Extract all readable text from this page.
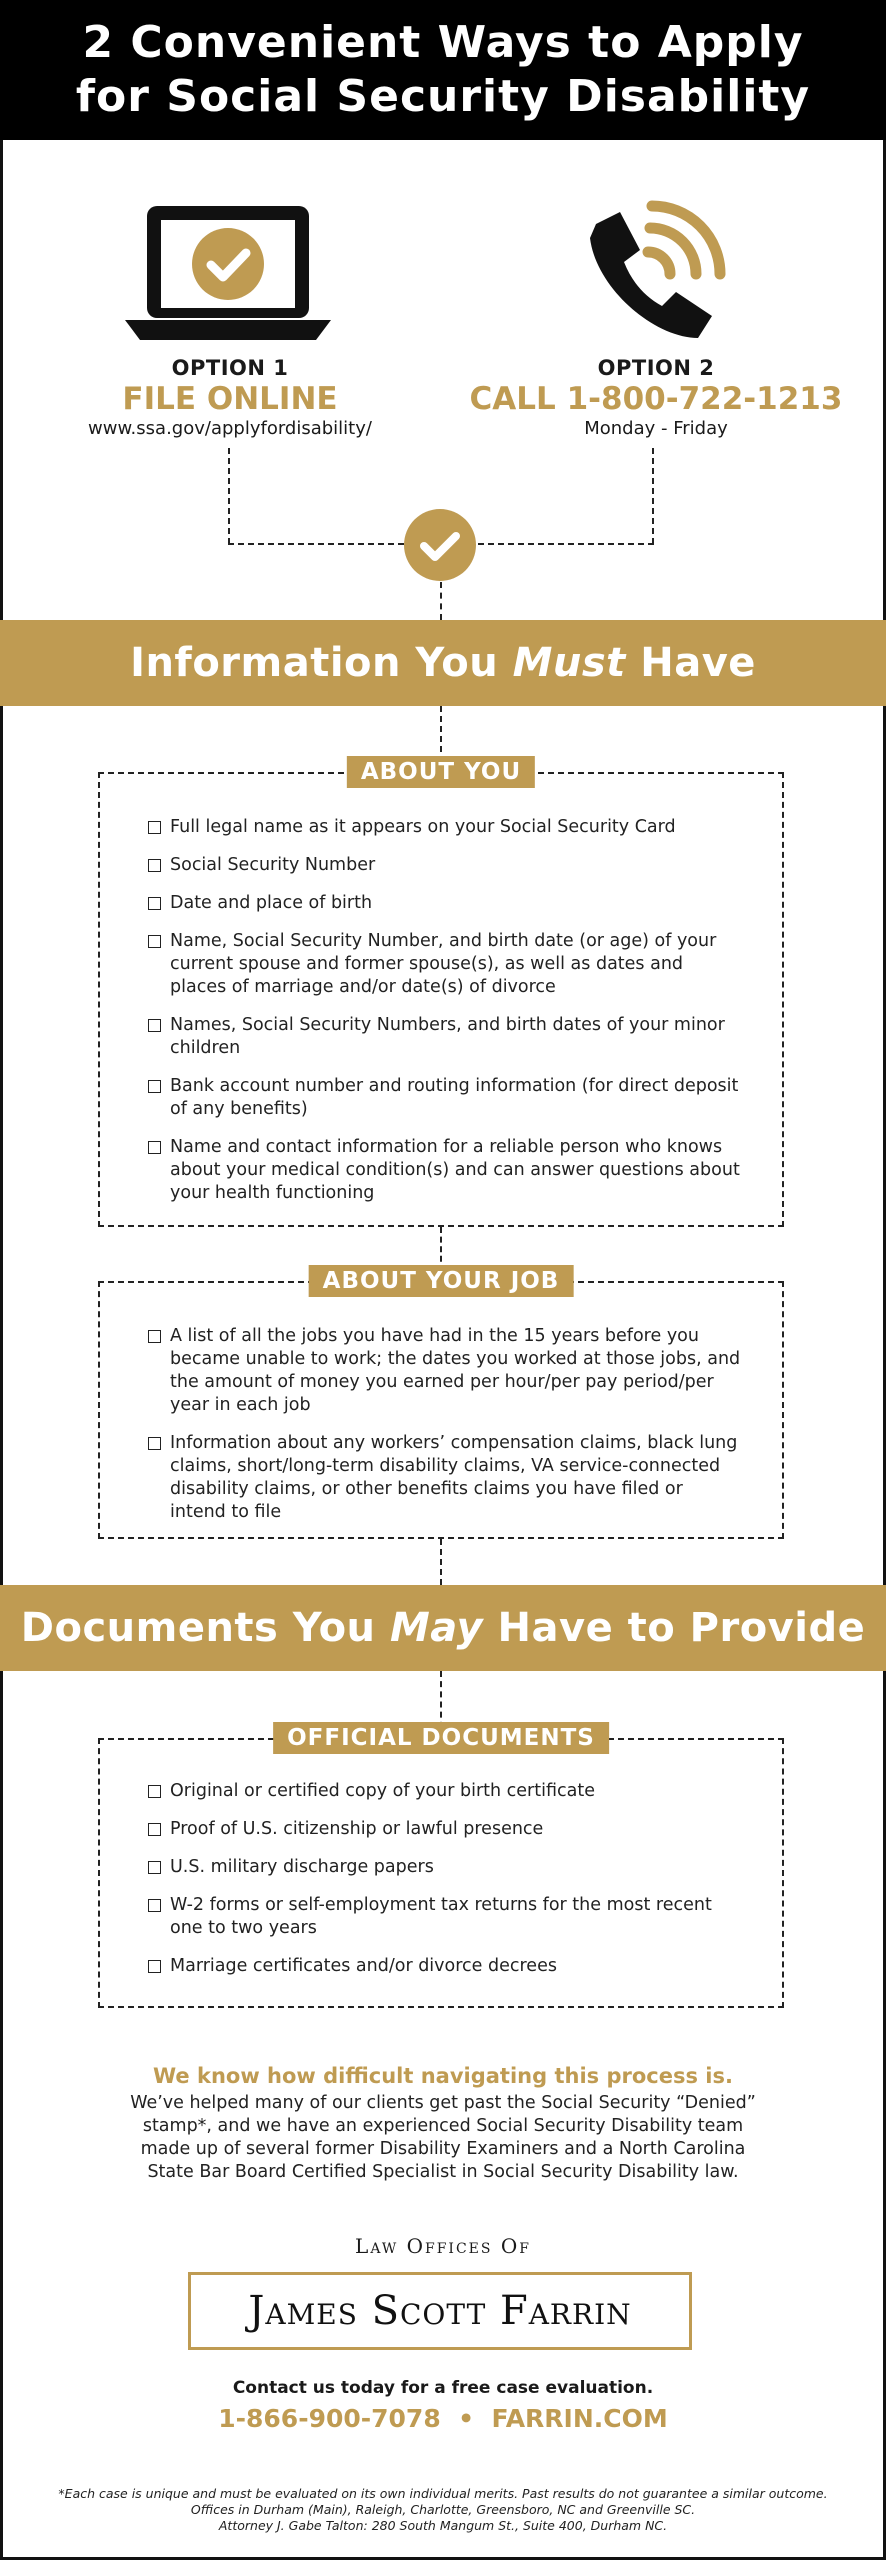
2 Convenient Ways to Apply
for Social Security Disability
OPTION 1
FILE ONLINE
www.ssa.gov/applyfordisability/
OPTION 2
CALL 1-800-722-1213
Monday - Friday
Information You Must Have
ABOUT YOU
Full legal name as it appears on your Social Security Card
Social Security Number
Date and place of birth
Name, Social Security Number, and birth date (or age) of your current spouse and former spouse(s), as well as dates and places of marriage and/or date(s) of divorce
Names, Social Security Numbers, and birth dates of your minor children
Bank account number and routing information (for direct deposit of any benefits)
Name and contact information for a reliable person who knows about your medical condition(s) and can answer questions about your health functioning
ABOUT YOUR JOB
A list of all the jobs you have had in the 15 years before you became unable to work; the dates you worked at those jobs, and the amount of money you earned per hour/per pay period/per year in each job
Information about any workers’ compensation claims, black lung claims, short/long-term disability claims, VA service-connected disability claims, or other benefits claims you have filed or intend to file
Documents You May Have to Provide
OFFICIAL DOCUMENTS
Original or certified copy of your birth certificate
Proof of U.S. citizenship or lawful presence
U.S. military discharge papers
W-2 forms or self-employment tax returns for the most recent one to two years
Marriage certificates and/or divorce decrees
We know how difficult navigating this process is.
We’ve helped many of our clients get past the Social Security “Denied” stamp*, and we have an experienced Social Security Disability team made up of several former Disability Examiners and a North Carolina State Bar Board Certified Specialist in Social Security Disability law.
Law Offices Of
James Scott Farrin
Contact us today for a free case evaluation.
1-866-900-7078  •  FARRIN.COM
*Each case is unique and must be evaluated on its own individual merits. Past results do not guarantee a similar outcome.
Offices in Durham (Main), Raleigh, Charlotte, Greensboro, NC and Greenville SC.
Attorney J. Gabe Talton: 280 South Mangum St., Suite 400, Durham NC.
